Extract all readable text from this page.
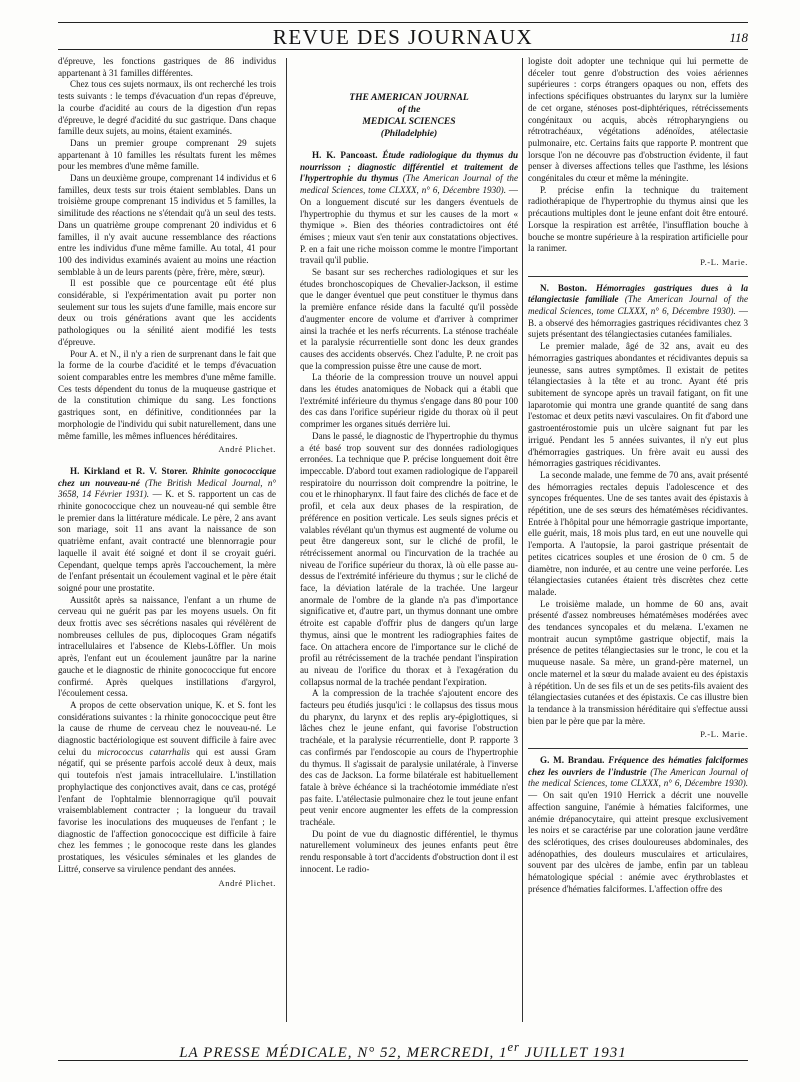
REVUE DES JOURNAUX	118

d'épreuve, les fonctions gastriques de 86 individus appartenant à 31 familles différentes.

Chez tous ces sujets normaux, ils ont recherché les trois tests suivants : le temps d'évacuation d'un repas d'épreuve, la courbe d'acidité au cours de la digestion d'un repas d'épreuve, le degré d'acidité du suc gastrique. Dans chaque famille deux sujets, au moins, étaient examinés.

Dans un premier groupe comprenant 29 sujets appartenant à 10 familles les résultats furent les mêmes pour les membres d'une même famille.

Dans un deuxième groupe, comprenant 14 individus et 6 familles, deux tests sur trois étaient semblables. Dans un troisième groupe comprenant 15 individus et 5 familles, la similitude des réactions ne s'étendait qu'à un seul des tests. Dans un quatrième groupe comprenant 20 individus et 6 familles, il n'y avait aucune ressemblance des réactions entre les individus d'une même famille. Au total, 41 pour 100 des individus examinés avaient au moins une réaction semblable à un de leurs parents (père, frère, mère, sœur).

Il est possible que ce pourcentage eût été plus considérable, si l'expérimentation avait pu porter non seulement sur tous les sujets d'une famille, mais encore sur deux ou trois générations avant que les accidents pathologiques ou la sénilité aient modifié les tests d'épreuve.

Pour A. et N., il n'y a rien de surprenant dans le fait que la forme de la courbe d'acidité et le temps d'évacuation soient comparables entre les membres d'une même famille. Ces tests dépendent du tonus de la muqueuse gastrique et de la constitution chimique du sang. Les fonctions gastriques sont, en définitive, conditionnées par la morphologie de l'individu qui subit naturellement, dans une même famille, les mêmes influences héréditaires.

André Plichet.

H. Kirkland et R. V. Storer. Rhinite gonococcique chez un nouveau-né (The British Medical Journal, n° 3658, 14 Février 1931). — K. et S. rapportent un cas de rhinite gonococcique chez un nouveau-né qui semble être le premier dans la littérature médicale. Le père, 2 ans avant son mariage, soit 11 ans avant la naissance de son quatrième enfant, avait contracté une blennorragie pour laquelle il avait été soigné et dont il se croyait guéri. Cependant, quelque temps après l'accouchement, la mère de l'enfant présentait un écoulement vaginal et le père était soigné pour une prostatite.

Aussitôt après sa naissance, l'enfant a un rhume de cerveau qui ne guérit pas par les moyens usuels. On fit deux frottis avec ses sécrétions nasales qui révélèrent de nombreuses cellules de pus, diplocoques Gram négatifs intracellulaires et l'absence de Klebs-Löffler. Un mois après, l'enfant eut un écoulement jaunâtre par la narine gauche et le diagnostic de rhinite gonococcique fut encore confirmé. Après quelques instillations d'argyrol, l'écoulement cessa.

A propos de cette observation unique, K. et S. font les considérations suivantes : la rhinite gonococcique peut être la cause de rhume de cerveau chez le nouveau-né. Le diagnostic bactériologique est souvent difficile à faire avec celui du micrococcus catarrhalis qui est aussi Gram négatif, qui se présente parfois accolé deux à deux, mais qui toutefois n'est jamais intracellulaire. L'instillation prophylactique des conjonctives avait, dans ce cas, protégé l'enfant de l'ophtalmie blennorragique qu'il pouvait vraisemblablement contracter ; la longueur du travail favorise les inoculations des muqueuses de l'enfant ; le diagnostic de l'affection gonococcique est difficile à faire chez les femmes ; le gonocoque reste dans les glandes prostatiques, les vésicules séminales et les glandes de Littré, conserve sa virulence pendant des années.

André Plichet.

THE AMERICAN JOURNAL

of the

MEDICAL SCIENCES

(Philadelphie)

H. K. Pancoast. Étude radiologique du thymus du nourrisson ; diagnostic différentiel et traitement de l'hypertrophie du thymus (The American Journal of the medical Sciences, tome CLXXX, n° 6, Décembre 1930). — On a longuement discuté sur les dangers éventuels de l'hypertrophie du thymus et sur les causes de la mort « thymique ». Bien des théories contradictoires ont été émises ; mieux vaut s'en tenir aux constatations objectives. P. en a fait une riche moisson comme le montre l'important travail qu'il publie.

Se basant sur ses recherches radiologiques et sur les études bronchoscopiques de Chevalier-Jackson, il estime que le danger éventuel que peut constituer le thymus dans la première enfance réside dans la faculté qu'il possède d'augmenter encore de volume et d'arriver à comprimer ainsi la trachée et les nerfs récurrents. La sténose trachéale et la paralysie récurrentielle sont donc les deux grandes causes des accidents observés. Chez l'adulte, P. ne croit pas que la compression puisse être une cause de mort.

La théorie de la compression trouve un nouvel appui dans les études anatomiques de Noback qui a établi que l'extrémité inférieure du thymus s'engage dans 80 pour 100 des cas dans l'orifice supérieur rigide du thorax où il peut comprimer les organes situés derrière lui.

Dans le passé, le diagnostic de l'hypertrophie du thymus a été basé trop souvent sur des données radiologiques erronées. La technique que P. précise longuement doit être impeccable. D'abord tout examen radiologique de l'appareil respiratoire du nourrisson doit comprendre la poitrine, le cou et le rhinopharynx. Il faut faire des clichés de face et de profil, et cela aux deux phases de la respiration, de préférence en position verticale. Les seuls signes précis et valables révélant qu'un thymus est augmenté de volume ou peut être dangereux sont, sur le cliché de profil, le rétrécissement anormal ou l'incurvation de la trachée au niveau de l'orifice supérieur du thorax, là où elle passe au-dessus de l'extrémité inférieure du thymus ; sur le cliché de face, la déviation latérale de la trachée. Une largeur anormale de l'ombre de la glande n'a pas d'importance significative et, d'autre part, un thymus donnant une ombre étroite est capable d'offrir plus de dangers qu'un large thymus, ainsi que le montrent les radiographies faites de face. On attachera encore de l'importance sur le cliché de profil au rétrécissement de la trachée pendant l'inspiration au niveau de l'orifice du thorax et à l'exagération du collapsus normal de la trachée pendant l'expiration.

A la compression de la trachée s'ajoutent encore des facteurs peu étudiés jusqu'ici : le collapsus des tissus mous du pharynx, du larynx et des replis ary-épiglottiques, si lâches chez le jeune enfant, qui favorise l'obstruction trachéale, et la paralysie récurrentielle, dont P. rapporte 3 cas confirmés par l'endoscopie au cours de l'hypertrophie du thymus. Il s'agissait de paralysie unilatérale, à l'inverse des cas de Jackson. La forme bilatérale est habituellement fatale à brève échéance si la trachéotomie immédiate n'est pas faite. L'atélectasie pulmonaire chez le tout jeune enfant peut venir encore augmenter les effets de la compression trachéale.

Du point de vue du diagnostic différentiel, le thymus naturellement volumineux des jeunes enfants peut être rendu responsable à tort d'accidents d'obstruction dont il est innocent. Le radio-

logiste doit adopter une technique qui lui permette de déceler tout genre d'obstruction des voies aériennes supérieures : corps étrangers opaques ou non, effets des infections spécifiques obstruantes du larynx sur la lumière de cet organe, sténoses post-diphtériques, rétrécissements congénitaux ou acquis, abcès rétropharyngiens ou rétrotrachéaux, végétations adénoïdes, atélectasie pulmonaire, etc. Certains faits que rapporte P. montrent que lorsque l'on ne découvre pas d'obstruction évidente, il faut penser à diverses affections telles que l'asthme, les lésions congénitales du cœur et même la méningite.

P. précise enfin la technique du traitement radiothérapique de l'hypertrophie du thymus ainsi que les précautions multiples dont le jeune enfant doit être entouré. Lorsque la respiration est arrêtée, l'insufflation bouche à bouche se montre supérieure à la respiration artificielle pour la ranimer.

P.-L. Marie.

N. Boston. Hémorragies gastriques dues à la télangiectasie familiale (The American Journal of the medical Sciences, tome CLXXX, n° 6, Décembre 1930). — B. a observé des hémorragies gastriques récidivantes chez 3 sujets présentant des télangiectasies cutanées familiales.

Le premier malade, âgé de 32 ans, avait eu des hémorragies gastriques abondantes et récidivantes depuis sa jeunesse, sans autres symptômes. Il existait de petites télangiectasies à la tête et au tronc. Ayant été pris subitement de syncope après un travail fatigant, on fit une laparotomie qui montra une grande quantité de sang dans l'estomac et deux petits nævi vasculaires. On fit d'abord une gastroentérostomie puis un ulcère saignant fut par les irrigué. Pendant les 5 années suivantes, il n'y eut plus d'hémorragies gastriques. Un frère avait eu aussi des hémorragies gastriques récidivantes.

La seconde malade, une femme de 70 ans, avait présenté des hémorragies rectales depuis l'adolescence et des syncopes fréquentes. Une de ses tantes avait des épistaxis à répétition, une de ses sœurs des hématémèses récidivantes. Entrée à l'hôpital pour une hémorragie gastrique importante, elle guérit, mais, 18 mois plus tard, en eut une nouvelle qui l'emporta. A l'autopsie, la paroi gastrique présentait de petites cicatrices souples et une érosion de 0 cm. 5 de diamètre, non indurée, et au centre une veine perforée. Les télangiectasies cutanées étaient très discrètes chez cette malade.

Le troisième malade, un homme de 60 ans, avait présenté d'assez nombreuses hématémèses modérées avec des tendances syncopales et du melæna. L'examen ne montrait aucun symptôme gastrique objectif, mais la présence de petites télangiectasies sur le tronc, le cou et la muqueuse nasale. Sa mère, un grand-père maternel, un oncle maternel et la sœur du malade avaient eu des épistaxis à répétition. Un de ses fils et un de ses petits-fils avaient des télangiectasies cutanées et des épistaxis. Ce cas illustre bien la tendance à la transmission héréditaire qui s'effectue aussi bien par le père que par la mère.

P.-L. Marie.

G. M. Brandau. Fréquence des hématies falciformes chez les ouvriers de l'industrie (The American Journal of the medical Sciences, tome CLXXX, n° 6, Décembre 1930). — On sait qu'en 1910 Herrick a décrit une nouvelle affection sanguine, l'anémie à hématies falciformes, une anémie drépanocytaire, qui atteint presque exclusivement les noirs et se caractérise par une coloration jaune verdâtre des sclérotiques, des crises douloureuses abdominales, des adénopathies, des douleurs musculaires et articulaires, souvent par des ulcères de jambe, enfin par un tableau hématologique spécial : anémie avec érythroblastes et présence d'hématies falciformes. L'affection offre des

LA PRESSE MÉDICALE, N° 52, MERCREDI, 1er JUILLET 1931
